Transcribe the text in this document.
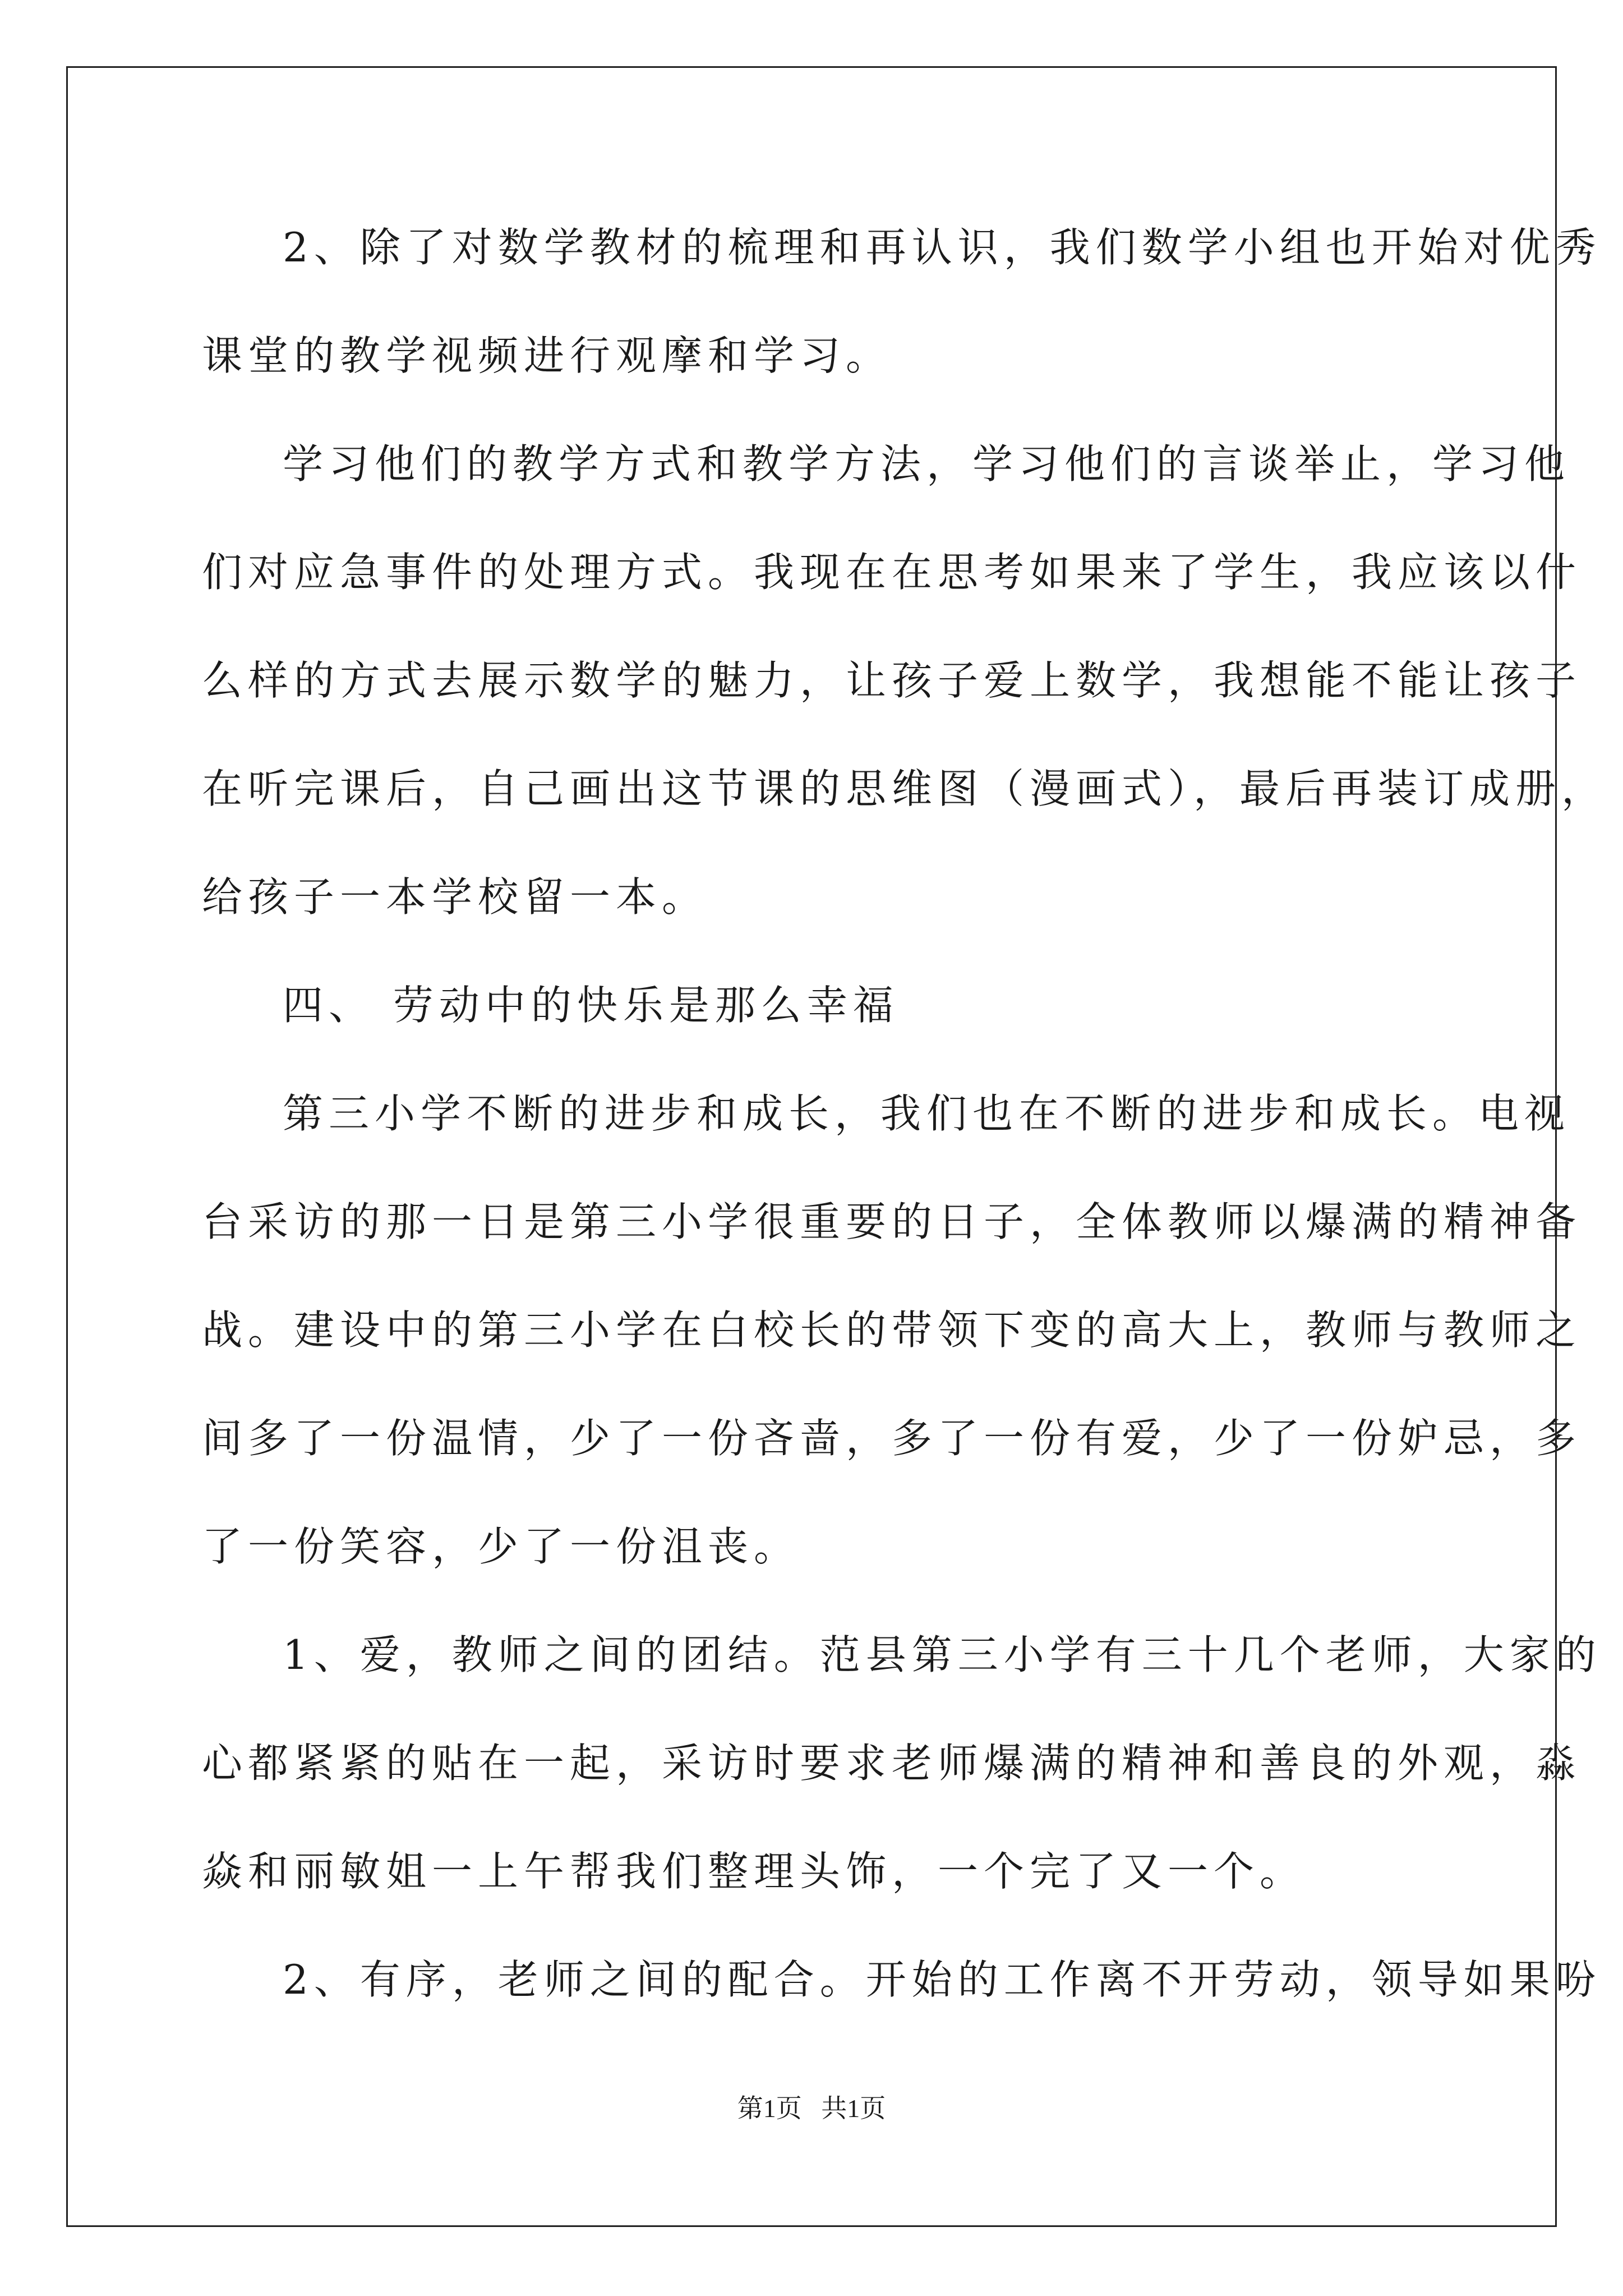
2、除了对数学教材的梳理和再认识，我们数学小组也开始对优秀
课堂的教学视频进行观摩和学习。
学习他们的教学方式和教学方法，学习他们的言谈举止，学习他
们对应急事件的处理方式。我现在在思考如果来了学生，我应该以什
么样的方式去展示数学的魅力，让孩子爱上数学，我想能不能让孩子
在听完课后，自己画出这节课的思维图（漫画式），最后再装订成册，
给孩子一本学校留一本。
四、 劳动中的快乐是那么幸福
第三小学不断的进步和成长，我们也在不断的进步和成长。电视
台采访的那一日是第三小学很重要的日子，全体教师以爆满的精神备
战。建设中的第三小学在白校长的带领下变的高大上，教师与教师之
间多了一份温情，少了一份吝啬，多了一份有爱，少了一份妒忌，多
了一份笑容，少了一份沮丧。
1、爱，教师之间的团结。范县第三小学有三十几个老师，大家的
心都紧紧的贴在一起，采访时要求老师爆满的精神和善良的外观，淼
焱和丽敏姐一上午帮我们整理头饰，一个完了又一个。
2、有序，老师之间的配合。开始的工作离不开劳动，领导如果吩
第1页   共1页
